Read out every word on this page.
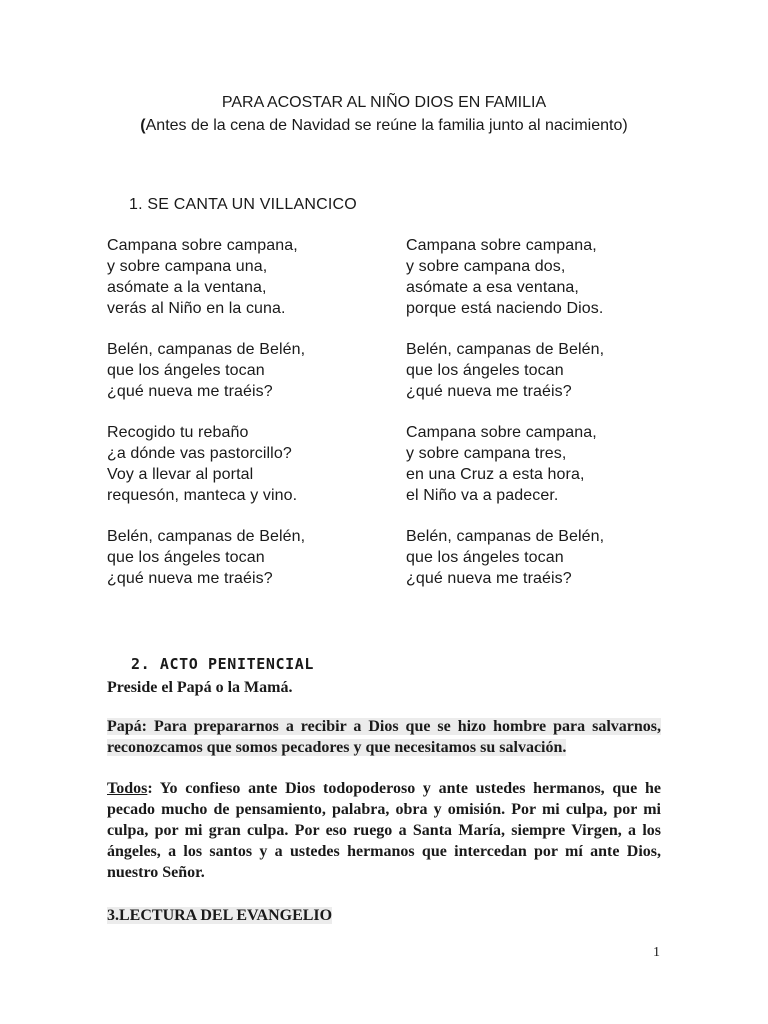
PARA ACOSTAR AL NIÑO DIOS EN FAMILIA
(Antes de la cena de Navidad se reúne la familia junto al nacimiento)
1. SE CANTA UN VILLANCICO
Campana sobre campana,
y sobre campana una,
asómate a la ventana,
verás al Niño en la cuna.
Belén, campanas de Belén,
que los ángeles tocan
¿qué nueva me traéis?
Recogido tu rebaño
¿a dónde vas pastorcillo?
Voy a llevar al portal
requesón, manteca y vino.
Belén, campanas de Belén,
que los ángeles tocan
¿qué nueva me traéis?
Campana sobre campana,
y sobre campana dos,
asómate a esa ventana,
porque está naciendo Dios.
Belén, campanas de Belén,
que los ángeles tocan
¿qué nueva me traéis?
Campana sobre campana,
y sobre campana tres,
en una Cruz a esta hora,
el Niño va a padecer.
Belén, campanas de Belén,
que los ángeles tocan
¿qué nueva me traéis?
2. ACTO PENITENCIAL
Preside el Papá o la Mamá.
Papá: Para prepararnos a recibir a Dios que se hizo hombre para salvarnos, reconozcamos que somos pecadores y que necesitamos su salvación.
Todos: Yo confieso ante Dios todopoderoso y ante ustedes hermanos, que he pecado mucho de pensamiento, palabra, obra y omisión. Por mi culpa, por mi culpa, por mi gran culpa. Por eso ruego a Santa María, siempre Virgen, a los ángeles, a los santos y a ustedes hermanos que intercedan por mí ante Dios, nuestro Señor.
3.LECTURA DEL EVANGELIO
1
